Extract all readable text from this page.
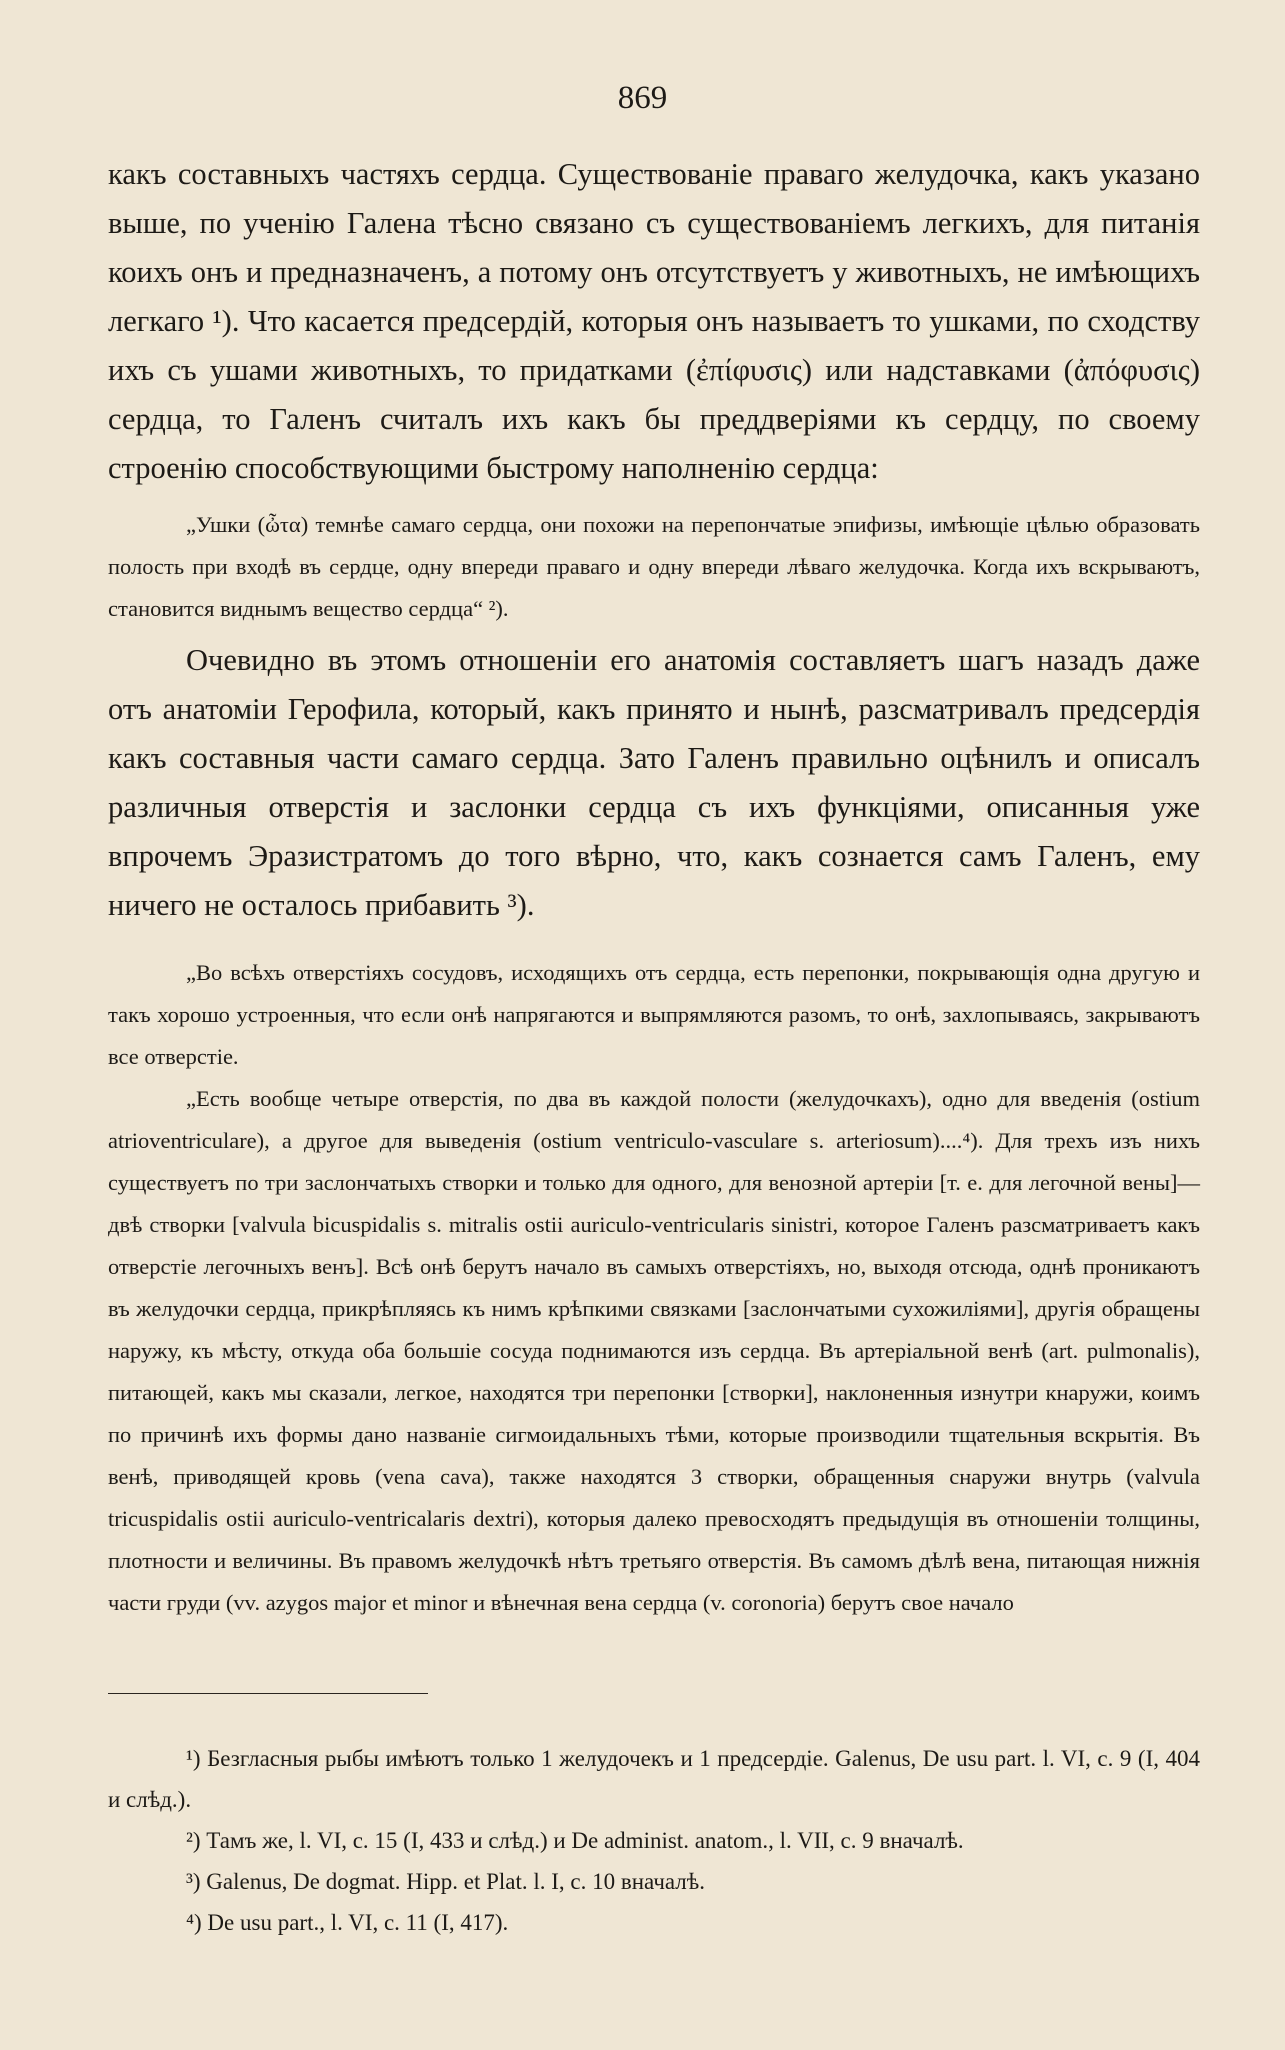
869

какъ составныхъ частяхъ сердца. Существованіе праваго желудочка, какъ указано выше, по ученію Галена тѣсно связано съ существованіемъ легкихъ, для питанія коихъ онъ и предназначенъ, а потому онъ отсутствуетъ у животныхъ, не имѣющихъ легкаго ¹). Что касается предсердій, которыя онъ называетъ то ушками, по сходству ихъ съ ушами животныхъ, то придатками (ἐπίφυσις) или надставками (ἀπόφυσις) сердца, то Галенъ считалъ ихъ какъ бы преддверіями къ сердцу, по своему строенію способствующими быстрому наполненію сердца:

„Ушки (ὦτα) темнѣе самаго сердца, они похожи на перепончатые эпифизы, имѣющіе цѣлью образовать полость при входѣ въ сердце, одну впереди праваго и одну впереди лѣваго желудочка. Когда ихъ вскрываютъ, становится виднымъ вещество сердца“ ²).

Очевидно въ этомъ отношеніи его анатомія составляетъ шагъ назадъ даже отъ анатоміи Герофила, который, какъ принято и нынѣ, разсматривалъ предсердія какъ составныя части самаго сердца. Зато Галенъ правильно оцѣнилъ и описалъ различныя отверстія и заслонки сердца съ ихъ функціями, описанныя уже впрочемъ Эразистратомъ до того вѣрно, что, какъ сознается самъ Галенъ, ему ничего не осталось прибавить ³).

„Во всѣхъ отверстіяхъ сосудовъ, исходящихъ отъ сердца, есть перепонки, покрывающія одна другую и такъ хорошо устроенныя, что если онѣ напрягаются и выпрямляются разомъ, то онѣ, захлопываясь, закрываютъ все отверстіе.

„Есть вообще четыре отверстія, по два въ каждой полости (желудочкахъ), одно для введенія (ostium atrioventriculare), а другое для выведенія (ostium ventriculo-vasculare s. arteriosum)....⁴). Для трехъ изъ нихъ существуетъ по три заслончатыхъ створки и только для одного, для венозной артеріи [т. е. для легочной вены]—двѣ створки [valvula bicuspidalis s. mitralis ostii auriculo-ventricularis sinistri, которое Галенъ разсматриваетъ какъ отверстіе легочныхъ венъ]. Всѣ онѣ берутъ начало въ самыхъ отверстіяхъ, но, выходя отсюда, однѣ проникаютъ въ желудочки сердца, прикрѣпляясь къ нимъ крѣпкими связками [заслончатыми сухожиліями], другія обращены наружу, къ мѣсту, откуда оба большіе сосуда поднимаются изъ сердца. Въ артеріальной венѣ (art. pulmonalis), питающей, какъ мы сказали, легкое, находятся три перепонки [створки], наклоненныя изнутри кнаружи, коимъ по причинѣ ихъ формы дано названіе сигмоидальныхъ тѣми, которые производили тщательныя вскрытія. Въ венѣ, приводящей кровь (vena cava), также находятся 3 створки, обращенныя снаружи внутрь (valvula tricuspidalis ostii auriculo-ventricalaris dextri), которыя далеко превосходятъ предыдущія въ отношеніи толщины, плотности и величины. Въ правомъ желудочкѣ нѣтъ третьяго отверстія. Въ самомъ дѣлѣ вена, питающая нижнія части груди (vv. azygos major et minor и вѣнечная вена сердца (v. coronoria) берутъ свое начало

¹) Безгласныя рыбы имѣютъ только 1 желудочекъ и 1 предсердіе. Galenus, De usu part. l. VI, c. 9 (I, 404 и слѣд.).

²) Тамъ же, l. VI, c. 15 (I, 433 и слѣд.) и De administ. anatom., l. VII, c. 9 вначалѣ.

³) Galenus, De dogmat. Hipp. et Plat. l. I, c. 10 вначалѣ.

⁴) De usu part., l. VI, c. 11 (I, 417).
